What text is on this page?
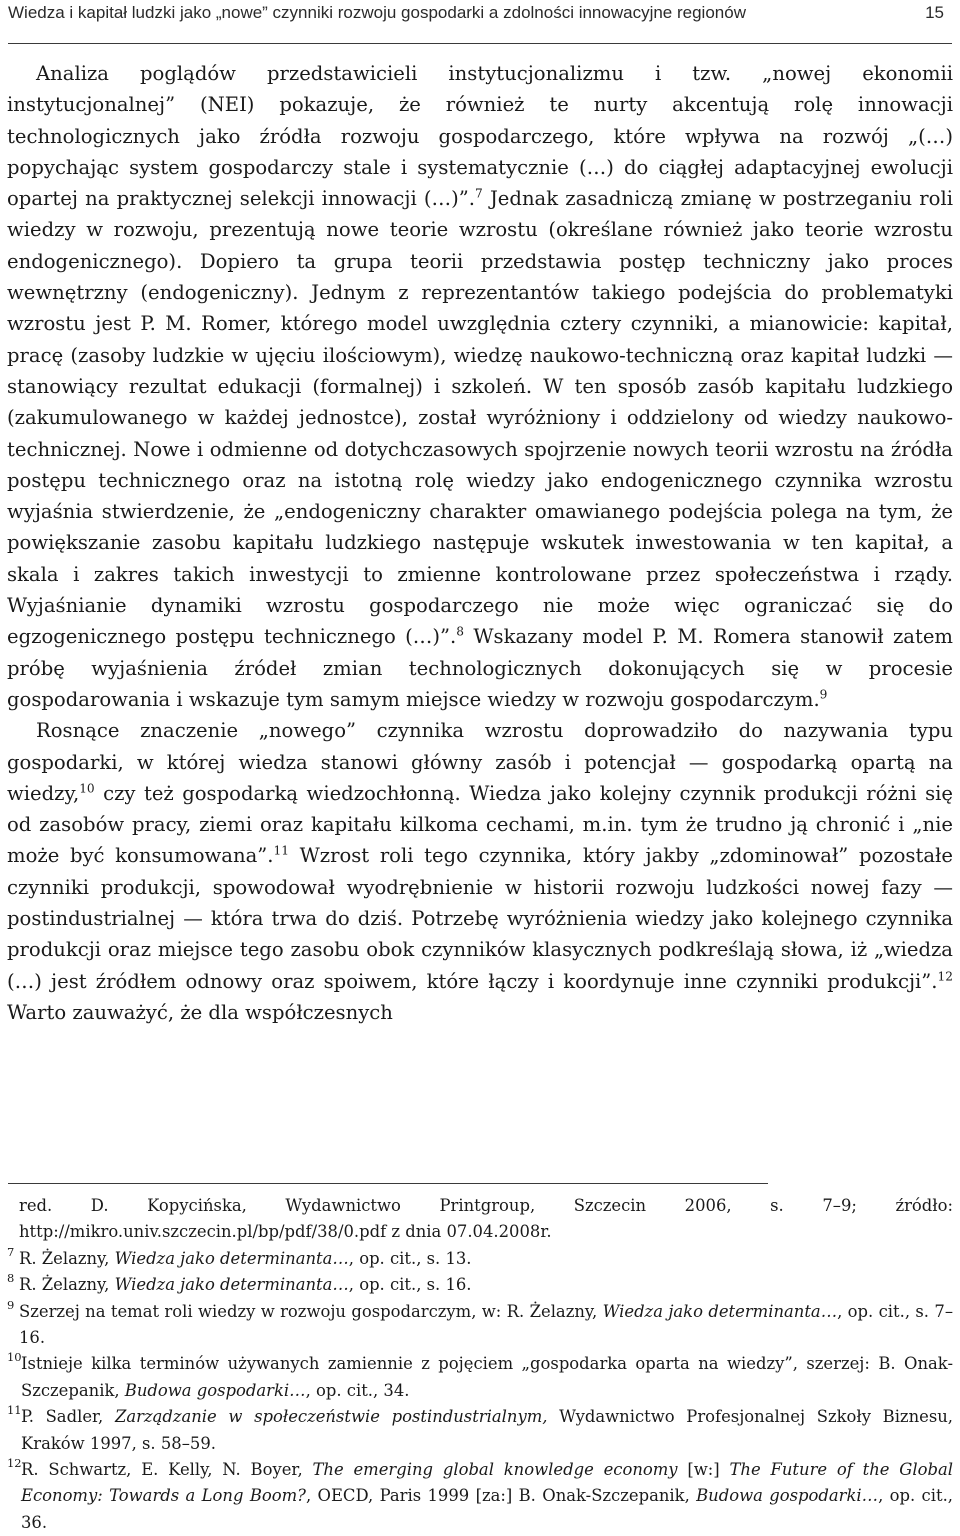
Wiedza i kapitał ludzki jako „nowe” czynniki rozwoju gospodarki a zdolności innowacyjne regionów	15

Analiza poglądów przedstawicieli instytucjonalizmu i tzw. „nowej ekonomii instytucjonalnej” (NEI) pokazuje, że również te nurty akcentują rolę innowacji technologicznych jako źródła rozwoju gospodarczego, które wpływa na rozwój „(…) popychając system gospodarczy stale i systematycznie (…) do ciągłej adaptacyjnej ewolucji opartej na praktycznej selekcji innowacji (…)”.$^7$ Jednak zasadniczą zmianę w postrzeganiu roli wiedzy w rozwoju, prezentują nowe teorie wzrostu (określane również jako teorie wzrostu endogenicznego). Dopiero ta grupa teorii przedstawia postęp techniczny jako proces wewnętrzny (endogeniczny). Jednym z reprezentantów takiego podejścia do problematyki wzrostu jest P. M. Romer, którego model uwzględnia cztery czynniki, a mianowicie: kapitał, pracę (zasoby ludzkie w ujęciu ilościowym), wiedzę naukowo-techniczną oraz kapitał ludzki — stanowiący rezultat edukacji (formalnej) i szkoleń. W ten sposób zasób kapitału ludzkiego (zakumulowanego w każdej jednostce), został wyróżniony i oddzielony od wiedzy naukowo-technicznej. Nowe i odmienne od dotychczasowych spojrzenie nowych teorii wzrostu na źródła postępu technicznego oraz na istotną rolę wiedzy jako endogenicznego czynnika wzrostu wyjaśnia stwierdzenie, że „endogeniczny charakter omawianego podejścia polega na tym, że powiększanie zasobu kapitału ludzkiego następuje wskutek inwestowania w ten kapitał, a skala i zakres takich inwestycji to zmienne kontrolowane przez społeczeństwa i rządy. Wyjaśnianie dynamiki wzrostu gospodarczego nie może więc ograniczać się do egzogenicznego postępu technicznego (…)”.$^8$ Wskazany model P. M. Romera stanowił zatem próbę wyjaśnienia źródeł zmian technologicznych dokonujących się w procesie gospodarowania i wskazuje tym samym miejsce wiedzy w rozwoju gospodarczym.$^9$

Rosnące znaczenie „nowego” czynnika wzrostu doprowadziło do nazywania typu gospodarki, w której wiedza stanowi główny zasób i potencjał — gospodarką opartą na wiedzy,$^{10}$ czy też gospodarką wiedzochłonną. Wiedza jako kolejny czynnik produkcji różni się od zasobów pracy, ziemi oraz kapitału kilkoma cechami, m.in. tym że trudno ją chronić i „nie może być konsumowana”.$^{11}$ Wzrost roli tego czynnika, który jakby „zdominował” pozostałe czynniki produkcji, spowodował wyodrębnienie w historii rozwoju ludzkości nowej fazy — postindustrialnej — która trwa do dziś. Potrzebę wyróżnienia wiedzy jako kolejnego czynnika produkcji oraz miejsce tego zasobu obok czynników klasycznych podkreślają słowa, iż „wiedza (…) jest źródłem odnowy oraz spoiwem, które łączy i koordynuje inne czynniki produkcji”.$^{12}$ Warto zauważyć, że dla współczesnych

red. D. Kopycińska, Wydawnictwo Printgroup, Szczecin 2006, s. 7–9; źródło: http://mikro.univ.szczecin.pl/bp/pdf/38/0.pdf z dnia 07.04.2008r.

7 R. Żelazny, Wiedza jako determinanta…, op. cit., s. 13.

8 R. Żelazny, Wiedza jako determinanta…, op. cit., s. 16.

9 Szerzej na temat roli wiedzy w rozwoju gospodarczym, w: R. Żelazny, Wiedza jako determinanta…, op. cit., s. 7–16.

10 Istnieje kilka terminów używanych zamiennie z pojęciem „gospodarka oparta na wiedzy”, szerzej: B. Onak-Szczepanik, Budowa gospodarki…, op. cit., 34.

11 P. Sadler, Zarządzanie w społeczeństwie postindustrialnym, Wydawnictwo Profesjonalnej Szkoły Biznesu, Kraków 1997, s. 58–59.

12 R. Schwartz, E. Kelly, N. Boyer, The emerging global knowledge economy [w:] The Future of the Global Economy: Towards a Long Boom?, OECD, Paris 1999 [za:] B. Onak-Szczepanik, Budowa gospodarki…, op. cit., 36.
